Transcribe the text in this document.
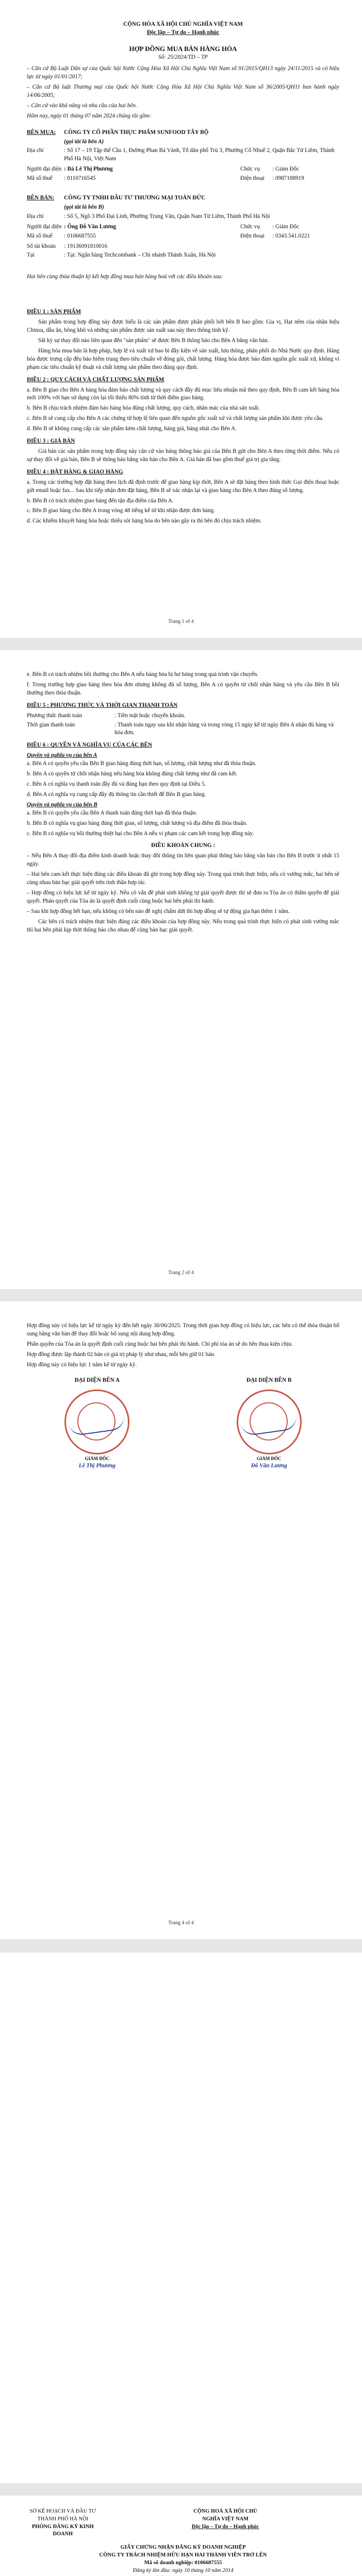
CỘNG HÒA XÃ HỘI CHỦ NGHĨA VIỆT NAM
Độc lập – Tự do – Hạnh phúc
HỢP ĐỒNG MUA BÁN HÀNG HÓA
Số: 25/2024/TD – TP

– Căn cứ Bộ Luật Dân sự của Quốc hội Nước Cộng Hòa Xã Hội Chủ Nghĩa Việt Nam số 91/2015/QH13 ngày 24/11/2015 và có hiệu lực từ ngày 01/01/2017;

– Căn cứ Bộ luật Thương mại của Quốc hội Nước Cộng Hòa Xã Hội Chủ Nghĩa Việt Nam số 36/2005/QH11 ban hành ngày 14/06/2005;

– Căn cứ vào khả năng và nhu cầu của hai bên.

Hôm nay, ngày 01 tháng 07 năm 2024 chúng tôi gồm:

BÊN MUA:	CÔNG TY CỔ PHẦN THỰC PHẨM SUNFOOD TÂY BỘ
(gọi tắt là bên A)
Địa chỉ	: Số 17 – 19 Tập thể Cầu 1, Đường Phan Bá Vành, Tổ dân phố Trù 3, Phường Cổ Nhuế 2, Quận Bắc Từ Liêm, Thành Phố Hà Nội, Việt Nam
Người đại diện : Bà Lê Thị Phương	Chức vụ	: Giám Đốc
Mã số thuế	: 0110716545	Điện thoại	: 0987188919
BÊN BÁN:	CÔNG TY TNHH ĐẦU TƯ THƯƠNG MẠI TOÀN ĐỨC
(gọi tắt là bên B)
Địa chỉ	: Số 5, Ngõ 3 Phố Đại Linh, Phường Trung Văn, Quận Nam Từ Liêm, Thành Phố Hà Nội
Người đại diện : Ông Đỗ Văn Lương	Chức vụ	: Giám Đốc
Mã số thuế	: 0106687555	Điện thoại	: 0343.541.0221
Số tài khoản	: 19136091810016
Tại	: Tại: Ngân hàng Techcombank – Chi nhánh Thành Xuân, Hà Nội

Hai bên cùng thỏa thuận ký kết hợp đồng mua bán hàng hoá với các điều khoản sau:

ĐIỀU 1 : SẢN PHẨM

Sản phẩm trong hợp đồng này được hiểu là các sản phẩm được phân phối bởi bên B bao gồm: Gia vị, Hạt nêm của nhãn hiệu Chinsu, dầu ăn, bông khô và những sản phẩm được sản xuất sau này theo thông tinh kỹ.

Sắt kỳ sự thay đổi nào liên quan đến "sản phẩm" sẽ được Bên B thông báo cho Bên A bằng văn bản.

Hàng hóa mua bán là hợp pháp, hợp lệ và xuất xứ bao bì đầy kiện về sản xuất, lưu thông, phân phối do Nhà Nước quy định. Hàng hóa được trưng cấp đều bảo hiểm trung theo tiêu chuẩn về đóng gói, chất lượng. Hàng hóa được bảo đảm nguồn gốc xuất xứ, không vi phạm các tiêu chuẩn kỹ thuật và chất lượng sản phẩm theo đúng quy định.

ĐIỀU 2 : QUY CÁCH VÀ CHẤT LƯỢNG SẢN PHẨM

a. Bên B giao cho Bên A hàng hóa đảm bảo chất lượng và quy cách đầy đủ mục liêu nhuận mã theo quy định, Bên B cam kết hàng hóa mới 100% với hạn sử dụng còn lại tối thiểu 80% tính từ thời điểm giao hàng.

b. Bên B chịu trách nhiệm đảm bảo hàng hóa đúng chất lượng, quy cách, nhãn mác của nhà sản xuất.

c. Bên B sẽ cung cấp cho Bên A các chứng từ hợp lệ liên quan đến nguồn gốc xuất xứ và chất lượng sản phẩm khi được yêu cầu.

d. Bên B sẽ không cung cấp các sản phẩm kém chất lượng, hàng giả, hàng nhái cho Bên A.

ĐIỀU 3 : GIÁ BÁN

Giá bán các sản phẩm trong hợp đồng này căn cứ vào bảng thông báo giá của Bên B gửi cho Bên A theo từng thời điểm. Nếu có sự thay đổi về giá bán, Bên B sẽ thông báo bằng văn bản cho Bên A. Giá bán đã bao gồm thuế giá trị gia tăng.

ĐIỀU 4 : ĐẶT HÀNG & GIAO HÀNG

a. Trong các trường hợp đặt hàng theo lịch đã định trước để giao hàng kịp thời, Bên A sẽ đặt hàng theo hình thức Gọi điện thoại hoặc gửi email hoặc fax... Sau khi tiếp nhận đơn đặt hàng, Bên B sẽ xác nhận lại và giao hàng cho Bên A theo đúng số lượng.

b. Bên B có trách nhiệm giao hàng đến tận địa điểm của Bên A.

c. Bên B giao hàng cho Bên A trong vòng 48 tiếng kể từ khi nhận được đơn hàng.

d. Các khiếm khuyết hàng hóa hoặc thiếu sót hàng hóa do bên nào gây ra thì bên đó chịu trách nhiệm.

Trang 1 of 4

e. Bên B có trách nhiệm bồi thường cho Bên A nếu hàng hóa bị hư hỏng trong quá trình vận chuyển.

f. Trong trường hợp giao hàng theo hóa đơn nhưng không đủ số lượng, Bên A có quyền từ chối nhận hàng và yêu cầu Bên B bồi thường theo thỏa thuận.

ĐIỀU 5 : PHƯƠNG THỨC VÀ THỜI GIAN THANH TOÁN
Phương thức thanh toán	: Tiền mặt hoặc chuyển khoản.
Thời gian thanh toán	: Thanh toán ngay sau khi nhận hàng và trong vòng 15 ngày kể từ ngày Bên A nhận đủ hàng và hóa đơn.
ĐIỀU 6 : QUYỀN VÀ NGHĨA VỤ CỦA CÁC BÊN
Quyền và nghĩa vụ của bên A

a. Bên A có quyền yêu cầu Bên B giao hàng đúng thời hạn, số lượng, chất lượng như đã thỏa thuận.

b. Bên A có quyền từ chối nhận hàng nếu hàng hóa không đúng chất lượng như đã cam kết.

c. Bên A có nghĩa vụ thanh toán đầy đủ và đúng hạn theo quy định tại Điều 5.

d. Bên A có nghĩa vụ cung cấp đầy đủ thông tin cần thiết để Bên B giao hàng.

Quyền và nghĩa vụ của bên B

a. Bên B có quyền yêu cầu Bên A thanh toán đúng thời hạn đã thỏa thuận.

b. Bên B có nghĩa vụ giao hàng đúng thời gian, số lượng, chất lượng và địa điểm đã thỏa thuận.

c. Bên B có nghĩa vụ bồi thường thiệt hại cho Bên A nếu vi phạm các cam kết trong hợp đồng này.

ĐIỀU KHOẢN CHUNG :

– Nếu Bên A thay đổi địa điểm kinh doanh hoặc thay đổi thông tin liên quan phải thông báo bằng văn bản cho Bên B trước ít nhất 15 ngày.

– Hai bên cam kết thực hiện đúng các điều khoản đã ghi trong hợp đồng này. Trong quá trình thực hiện, nếu có vướng mắc, hai bên sẽ cùng nhau bàn bạc giải quyết trên tinh thần hợp tác.

– Hợp đồng có hiệu lực kể từ ngày ký. Nếu có vấn đề phát sinh không tự giải quyết được thì sẽ đưa ra Tòa án có thẩm quyền để giải quyết. Phán quyết của Tòa án là quyết định cuối cùng buộc hai bên phải thi hành.

– Sau khi hợp đồng hết hạn, nếu không có bên nào đề nghị chấm dứt thì hợp đồng sẽ tự động gia hạn thêm 1 năm.

Các bên có trách nhiệm thực hiện đúng các điều khoản của hợp đồng này. Nếu trong quá trình thực hiện có phát sinh vướng mắc thì hai bên phải kịp thời thông báo cho nhau để cùng bàn bạc giải quyết.

Trang 2 of 4

Hợp đồng này có hiệu lực kể từ ngày ký đến hết ngày 30/06/2025. Trong thời gian hợp đồng có hiệu lực, các bên có thể thỏa thuận bổ sung bằng văn bản để thay đổi hoặc bổ sung nội dung hợp đồng.

Phần quyền của Tòa án là quyết định cuối cùng buộc hai bên phải thi hành. Chi phí tòa án sẽ do bên thua kiện chịu.

Hợp đồng được lập thành 02 bản có giá trị pháp lý như nhau, mỗi bên giữ 01 bản.

Hợp đồng này có hiệu lực 1 năm kể từ ngày ký.

ĐẠI DIỆN BÊN A
GIÁM ĐỐC
Lê Thị Phương
ĐẠI DIỆN BÊN B
GIÁM ĐỐC
Đỗ Văn Lương
Trang 4 of 4
SỞ KẾ HOẠCH VÀ ĐẦU TƯ
THÀNH PHỐ HÀ NỘI
PHÒNG ĐĂNG KÝ KINH DOANH
CỘNG HOÀ XÃ HỘI CHỦ NGHĨA VIỆT NAM
Độc lập – Tự do – Hạnh phúc
GIẤY CHỨNG NHẬN ĐĂNG KÝ DOANH NGHIỆP
CÔNG TY TRÁCH NHIỆM HỮU HẠN HAI THÀNH VIÊN TRỞ LÊN
Mã số doanh nghiệp: 0106687555
Đăng ký lần đầu: ngày 10 tháng 10 năm 2014
